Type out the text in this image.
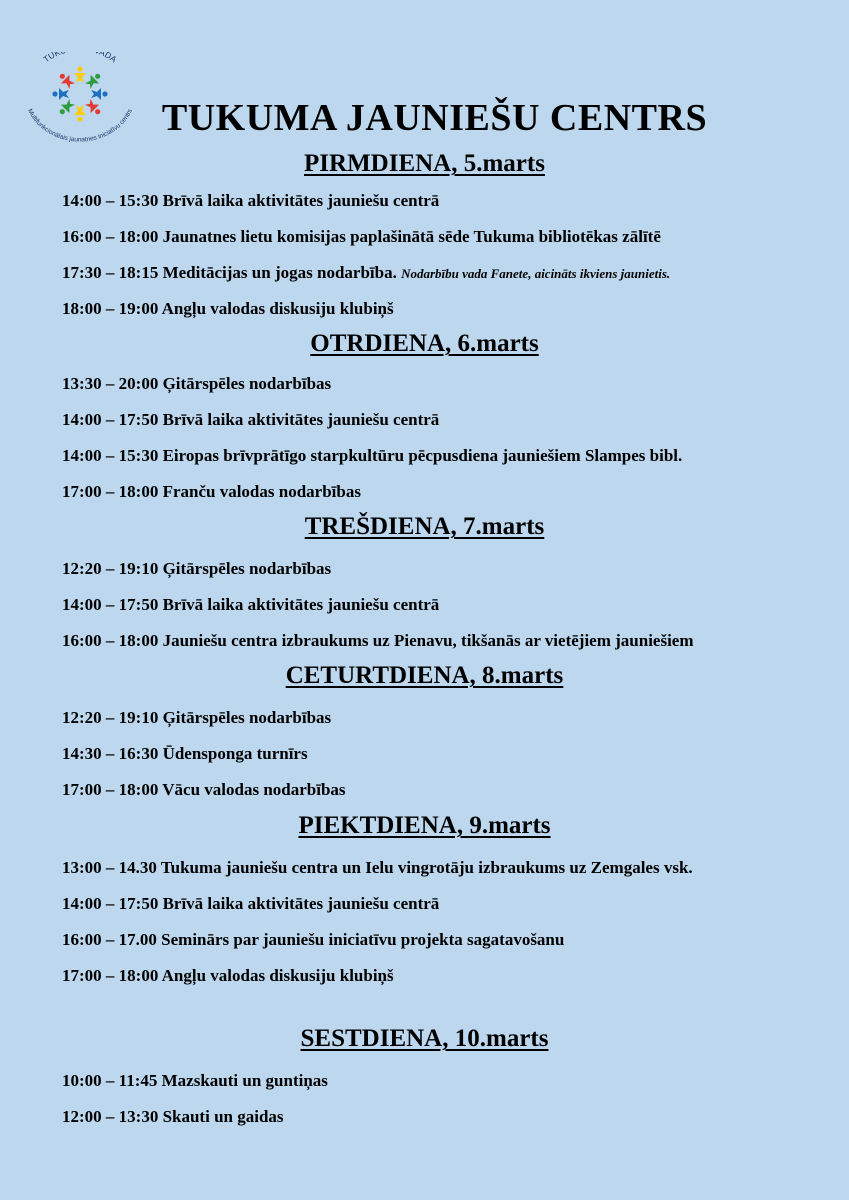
TUK ADA
Multifunkcionālais jaunatnes iniciatīvu centrs TUKUMA JAUNIEŠU CENTRS
PIRMDIENA, 5.marts
14:00 – 15:30 Brīvā laika aktivitātes jauniešu centrā
16:00 – 18:00 Jaunatnes lietu komisijas paplašinātā sēde Tukuma bibliotēkas zālītē
17:30 – 18:15 Meditācijas un jogas nodarbība. Nodarbību vada Fanete, aicināts ikviens jaunietis.
18:00 – 19:00 Angļu valodas diskusiju klubiņš
OTRDIENA, 6.marts
13:30 – 20:00 Ģitārspēles nodarbības
14:00 – 17:50 Brīvā laika aktivitātes jauniešu centrā
14:00 – 15:30 Eiropas brīvprātīgo starpkultūru pēcpusdiena jauniešiem Slampes bibl.
17:00 – 18:00 Franču valodas nodarbības
TREŠDIENA, 7.marts
12:20 – 19:10 Ģitārspēles nodarbības
14:00 – 17:50 Brīvā laika aktivitātes jauniešu centrā
16:00 – 18:00 Jauniešu centra izbraukums uz Pienavu, tikšanās ar vietējiem jauniešiem
CETURTDIENA, 8.marts
12:20 – 19:10 Ģitārspēles nodarbības
14:30 – 16:30 Ūdensponga turnīrs
17:00 – 18:00 Vācu valodas nodarbības
PIEKTDIENA, 9.marts
13:00 – 14.30 Tukuma jauniešu centra un Ielu vingrotāju izbraukums uz Zemgales vsk.
14:00 – 17:50 Brīvā laika aktivitātes jauniešu centrā
16:00 – 17.00 Seminārs par jauniešu iniciatīvu projekta sagatavošanu
17:00 – 18:00 Angļu valodas diskusiju klubiņš
SESTDIENA, 10.marts
10:00 – 11:45 Mazskauti un guntiņas
12:00 – 13:30 Skauti un gaidas
